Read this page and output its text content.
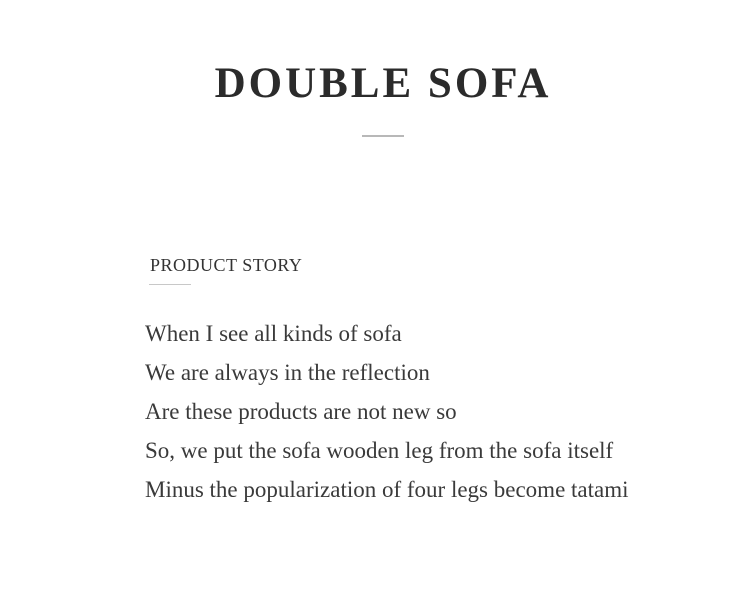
DOUBLE SOFA
PRODUCT STORY
When I see all kinds of sofa
We are always in the reflection
Are these products are not new so
So, we put the sofa wooden leg from the sofa itself
Minus the popularization of four legs become tatami
